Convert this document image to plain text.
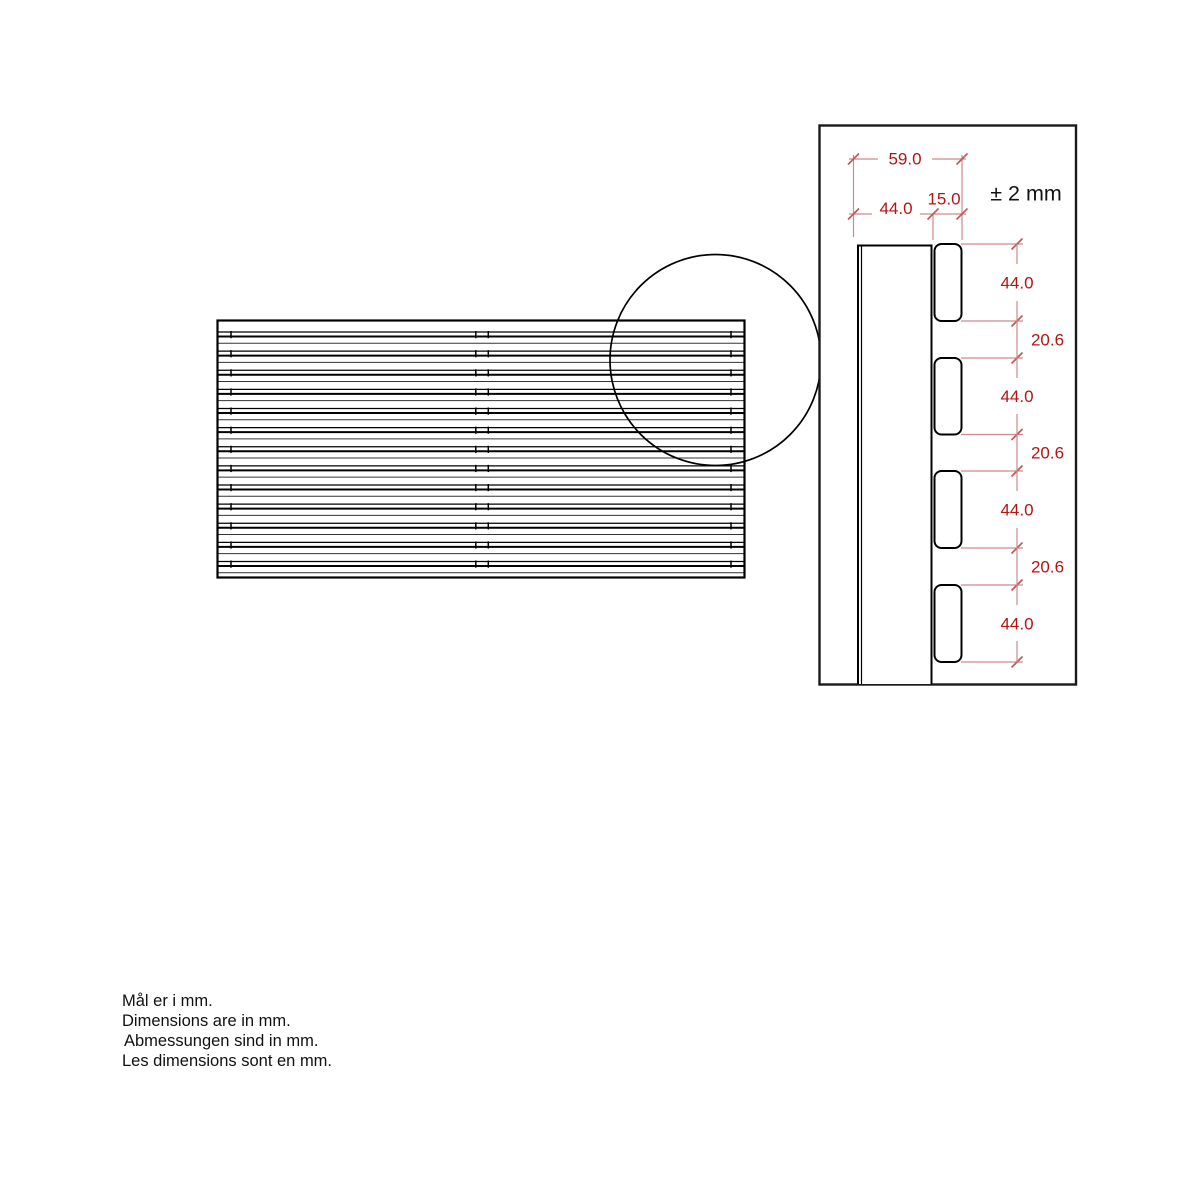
59.0
44.0 15.0 ± 2 mm
44.0
20.6
44.0
20.6
44.0
20.6
44.0
Mål er i mm.
Dimensions are in mm.
Abmessungen sind in mm.
Les dimensions sont en mm.
